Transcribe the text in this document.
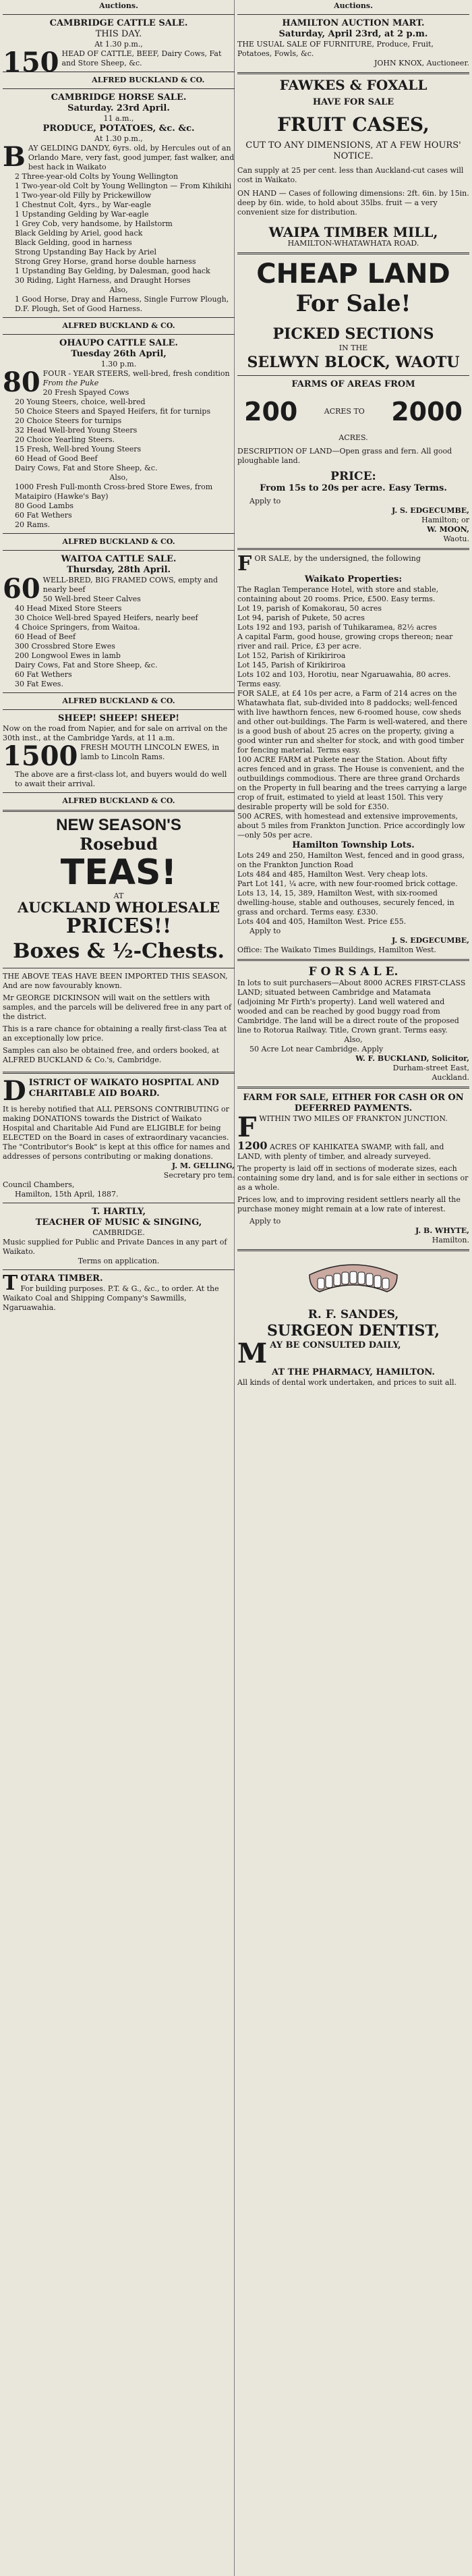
Auctions.
CAMBRIDGE CATTLE SALE.
THIS DAY.
At 1.30 p.m.,
150 HEAD OF CATTLE, BEEF, Dairy Cows, Fat and Store Sheep, &c.
ALFRED BUCKLAND & CO.
CAMBRIDGE HORSE SALE.
Saturday. 23rd April.
11 a.m.,
PRODUCE, POTATOES, &c. &c.
At 1.30 p.m.,
BAY GELDING DANDY, 6yrs. old, by Hercules out of an Orlando Mare, very fast, good jumper, fast walker, and best hack in Waikato
2 Three-year-old Colts by Young Wellington
1 Two-year-old Colt by Young Wellington — From Kihikihi
1 Two-year-old Filly by Prickewillow
1 Chestnut Colt, 4yrs., by War-eagle
1 Upstanding Gelding by War-eagle
1 Grey Cob, very handsome, by Hailstorm
Black Gelding by Ariel, good hack
Black Gelding, good in harness
Strong Upstanding Bay Hack by Ariel
Strong Grey Horse, grand horse double harness
1 Upstanding Bay Gelding, by Dalesman, good hack
30 Riding, Light Harness, and Draught Horses
Also,
1 Good Horse, Dray and Harness, Single Furrow Plough, D.F. Plough, Set of Good Harness.
ALFRED BUCKLAND & CO.
OHAUPO CATTLE SALE.
Tuesday 26th April,
1.30 p.m.
80 FOUR - YEAR STEERS, well-bred, fresh condition From the Puke
20 Fresh Spayed Cows
20 Young Steers, choice, well-bred
50 Choice Steers and Spayed Heifers, fit for turnips
20 Choice Steers for turnips
32 Head Well-bred Young Steers
20 Choice Yearling Steers.
15 Fresh, Well-bred Young Steers
60 Head of Good Beef
Dairy Cows, Fat and Store Sheep, &c.
Also,
1000 Fresh Full-month Cross-bred Store Ewes, from Mataipiro (Hawke's Bay)
80 Good Lambs
60 Fat Wethers
20 Rams.
ALFRED BUCKLAND & CO.
WAITOA CATTLE SALE.
Thursday, 28th April.
60 WELL-BRED, BIG FRAMED COWS, empty and nearly beef
50 Well-bred Steer Calves
40 Head Mixed Store Steers
30 Choice Well-bred Spayed Heifers, nearly beef
4 Choice Springers, from Waitoa.
60 Head of Beef
300 Crossbred Store Ewes
200 Longwool Ewes in lamb
Dairy Cows, Fat and Store Sheep, &c.
60 Fat Wethers
30 Fat Ewes.
ALFRED BUCKLAND & CO.
SHEEP! SHEEP! SHEEP!
Now on the road from Napier, and for sale on arrival on the 30th inst., at the Cambridge Yards, at 11 a.m.
1500 FRESH MOUTH LINCOLN EWES, in lamb to Lincoln Rams.
The above are a first-class lot, and buyers would do well to await their arrival.
ALFRED BUCKLAND & CO.
NEW SEASON'S
Rosebud
TEAS!
AT
AUCKLAND WHOLESALE
PRICES!!
Boxes & ½-Chests.
THE ABOVE TEAS HAVE BEEN IMPORTED THIS SEASON, And are now favourably known.
Mr GEORGE DICKINSON will wait on the settlers with samples, and the parcels will be delivered free in any part of the district.
This is a rare chance for obtaining a really first-class Tea at an exceptionally low price.
Samples can also be obtained free, and orders booked, at ALFRED BUCKLAND & Co.'s, Cambridge.
DISTRICT OF WAIKATO HOSPITAL AND CHARITABLE AID BOARD.
It is hereby notified that ALL PERSONS CONTRIBUTING or making DONATIONS towards the District of Waikato Hospital and Charitable Aid Fund are ELIGIBLE for being ELECTED on the Board in cases of extraordinary vacancies. The "Contributor's Book" is kept at this office for names and addresses of persons contributing or making donations.
J. M. GELLING,
Secretary pro tem.
Council Chambers,
Hamilton, 15th April, 1887.
T. HARTLY,
TEACHER OF MUSIC & SINGING,
CAMBRIDGE.
Music supplied for Public and Private Dances in any part of Waikato.
Terms on application.
TOTARA TIMBER.
For building purposes. P.T. & G., &c., to order. At the Waikato Coal and Shipping Company's Sawmills, Ngaruawahia.
Auctions.
HAMILTON AUCTION MART.
Saturday, April 23rd, at 2 p.m.
THE USUAL SALE OF FURNITURE, Produce, Fruit, Potatoes, Fowls, &c.
JOHN KNOX, Auctioneer.
FAWKES & FOXALL
HAVE FOR SALE
FRUIT CASES,
CUT TO ANY DIMENSIONS, AT A FEW HOURS' NOTICE.
Can supply at 25 per cent. less than Auckland-cut cases will cost in Waikato.
ON HAND — Cases of following dimensions: 2ft. 6in. by 15in. deep by 6in. wide, to hold about 35lbs. fruit — a very convenient size for distribution.
WAIPA TIMBER MILL,
HAMILTON-WHATAWHATA ROAD.
CHEAP LAND
For Sale!
PICKED SECTIONS
IN THE
SELWYN BLOCK, WAOTU
FARMS OF AREAS FROM
200	ACRES TO 2000
ACRES.
DESCRIPTION OF LAND—Open grass and fern. All good ploughable land.
PRICE:
From 15s to 20s per acre. Easy Terms.
Apply to
J. S. EDGECUMBE,
Hamilton; or
W. MOON,
Waotu.
FOR SALE, by the undersigned, the following
Waikato Properties:
The Raglan Temperance Hotel, with store and stable, containing about 20 rooms. Price, £500. Easy terms.
Lot 19, parish of Komakorau, 50 acres
Lot 94, parish of Pukete, 50 acres
Lots 192 and 193, parish of Tuhikaramea, 82½ acres
A capital Farm, good house, growing crops thereon; near river and rail. Price, £3 per acre.
Lot 152, Parish of Kirikiriroa
Lot 145, Parish of Kirikiriroa
Lots 102 and 103, Horotiu, near Ngaruawahia, 80 acres. Terms easy.
FOR SALE, at £4 10s per acre, a Farm of 214 acres on the Whatawhata flat, sub-divided into 8 paddocks; well-fenced with live hawthorn fences, new 6-roomed house, cow sheds and other out-buildings. The Farm is well-watered, and there is a good bush of about 25 acres on the property, giving a good winter run and shelter for stock, and with good timber for fencing material. Terms easy.
100 ACRE FARM at Pukete near the Station. About fifty acres fenced and in grass. The House is convenient, and the outbuildings commodious. There are three grand Orchards on the Property in full bearing and the trees carrying a large crop of fruit, estimated to yield at least 150l. This very desirable property will be sold for £350.
500 ACRES, with homestead and extensive improvements, about 5 miles from Frankton Junction. Price accordingly low—only 50s per acre.
Hamilton Township Lots.
Lots 249 and 250, Hamilton West, fenced and in good grass, on the Frankton Junction Road
Lots 484 and 485, Hamilton West. Very cheap lots.
Part Lot 141, ¼ acre, with new four-roomed brick cottage.
Lots 13, 14, 15, 389, Hamilton West, with six-roomed dwelling-house, stable and outhouses, securely fenced, in grass and orchard. Terms easy. £330.
Lots 404 and 405, Hamilton West. Price £55.
Apply to
J. S. EDGECUMBE,
Office: The Waikato Times Buildings, Hamilton West.
F O R S A L E.
In lots to suit purchasers—About 8000 ACRES FIRST-CLASS LAND; situated between Cambridge and Matamata (adjoining Mr Firth's property). Land well watered and wooded and can be reached by good buggy road from Cambridge. The land will be a direct route of the proposed line to Rotorua Railway. Title, Crown grant. Terms easy.
Also,
50 Acre Lot near Cambridge. Apply
W. F. BUCKLAND, Solicitor,
Durham-street East,
Auckland.
FARM FOR SALE, EITHER FOR CASH OR ON DEFERRED PAYMENTS.
FWITHIN TWO MILES OF FRANKTON JUNCTION.
1200 ACRES OF KAHIKATEA SWAMP, with fall, and LAND, with plenty of timber, and already surveyed.
The property is laid off in sections of moderate sizes, each containing some dry land, and is for sale either in sections or as a whole.
Prices low, and to improving resident settlers nearly all the purchase money might remain at a low rate of interest.
Apply to
J. B. WHYTE,
Hamilton.
R. F. SANDES,
SURGEON DENTIST,
MAY BE CONSULTED DAILY,
AT THE PHARMACY, HAMILTON.
All kinds of dental work undertaken, and prices to suit all.
